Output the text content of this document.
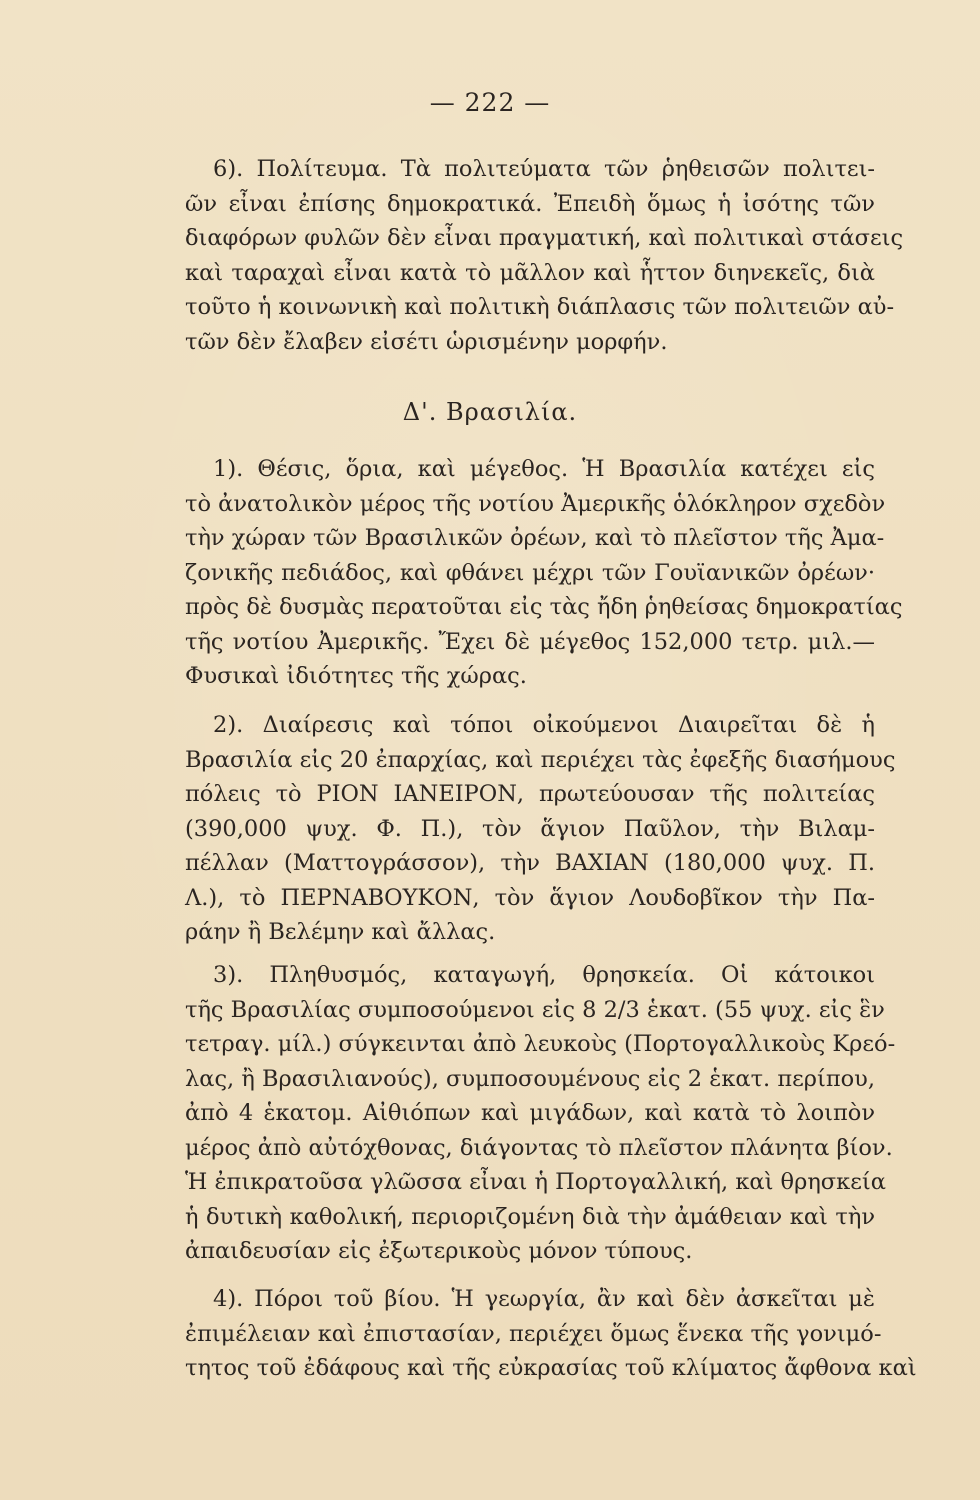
— 222 —
6). Πολίτευμα. Τὰ πολιτεύματα τῶν ῥηθεισῶν πολιτει-
ῶν εἶναι ἐπίσης δημοκρατικά. Ἐπειδὴ ὅμως ἡ ἰσότης τῶν
διαφόρων φυλῶν δὲν εἶναι πραγματική, καὶ πολιτικαὶ στάσεις
καὶ ταραχαὶ εἶναι κατὰ τὸ μᾶλλον καὶ ἧττον διηνεκεῖς, διὰ
τοῦτο ἡ κοινωνικὴ καὶ πολιτικὴ διάπλασις τῶν πολιτειῶν αὐ-
τῶν δὲν ἔλαβεν εἰσέτι ὡρισμένην μορφήν.
Δ'. Βρασιλία.
1). Θέσις, ὅρια, καὶ μέγεθος. Ἡ Βρασιλία κατέχει εἰς
τὸ ἀνατολικὸν μέρος τῆς νοτίου Ἀμερικῆς ὁλόκληρον σχεδὸν
τὴν χώραν τῶν Βρασιλικῶν ὀρέων, καὶ τὸ πλεῖστον τῆς Ἀμα-
ζονικῆς πεδιάδος, καὶ φθάνει μέχρι τῶν Γουϊανικῶν ὀρέων·
πρὸς δὲ δυσμὰς περατοῦται εἰς τὰς ἤδη ῥηθείσας δημοκρατίας
τῆς νοτίου Ἀμερικῆς. Ἔχει δὲ μέγεθος 152,000 τετρ. μιλ.—
Φυσικαὶ ἰδιότητες τῆς χώρας.
2). Διαίρεσις καὶ τόποι οἰκούμενοι Διαιρεῖται δὲ ἡ
Βρασιλία εἰς 20 ἐπαρχίας, καὶ περιέχει τὰς ἐφεξῆς διασήμους
πόλεις τὸ ΡΙΟΝ ΙΑΝΕΙΡΟΝ, πρωτεύουσαν τῆς πολιτείας
(390,000 ψυχ. Φ. Π.), τὸν ἅγιον Παῦλον, τὴν Βιλαμ-
πέλλαν (Ματτογράσσον), τὴν ΒΑΧΙΑΝ (180,000 ψυχ. Π.
Λ.), τὸ ΠΕΡΝΑΒΟΥΚΟΝ, τὸν ἅγιον Λουδοβῖκον τὴν Πα-
ράην ἢ Βελέμην καὶ ἄλλας.
3). Πληθυσμός, καταγωγή, θρησκεία. Οἱ κάτοικοι
τῆς Βρασιλίας συμποσούμενοι εἰς 8 2/3 ἑκατ. (55 ψυχ. εἰς ἓν
τετραγ. μίλ.) σύγκεινται ἀπὸ λευκοὺς (Πορτογαλλικοὺς Κρεό-
λας, ἢ Βρασιλιανούς), συμποσουμένους εἰς 2 ἑκατ. περίπου,
ἀπὸ 4 ἑκατομ. Αἰθιόπων καὶ μιγάδων, καὶ κατὰ τὸ λοιπὸν
μέρος ἀπὸ αὐτόχθονας, διάγοντας τὸ πλεῖστον πλάνητα βίον.
Ἡ ἐπικρατοῦσα γλῶσσα εἶναι ἡ Πορτογαλλική, καὶ θρησκεία
ἡ δυτικὴ καθολική, περιοριζομένη διὰ τὴν ἀμάθειαν καὶ τὴν
ἀπαιδευσίαν εἰς ἐξωτερικοὺς μόνον τύπους.
4). Πόροι τοῦ βίου. Ἡ γεωργία, ἂν καὶ δὲν ἀσκεῖται μὲ
ἐπιμέλειαν καὶ ἐπιστασίαν, περιέχει ὅμως ἕνεκα τῆς γονιμό-
τητος τοῦ ἐδάφους καὶ τῆς εὐκρασίας τοῦ κλίματος ἄφθονα καὶ
